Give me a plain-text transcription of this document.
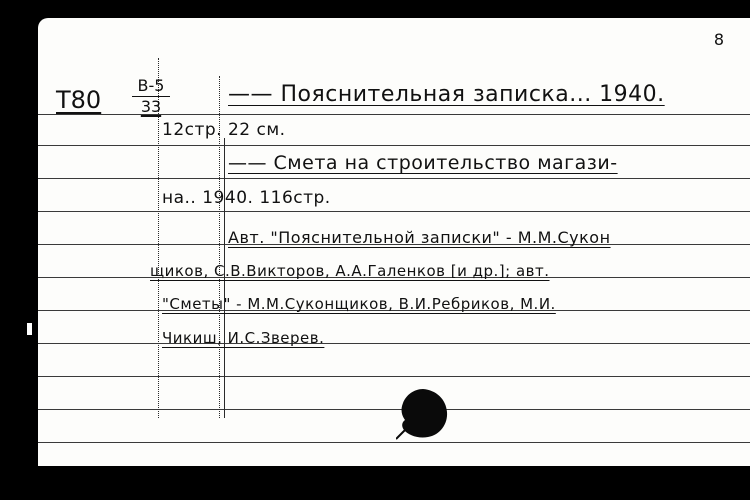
8
T80
В-5
33	—— Пояснительная записка... 1940.
12стр. 22 см.
—— Смета на строительство магази-
на.. 1940. 116стр.
Авт. "Пояснительной записки" - М.М.Сукон
щиков, С.В.Викторов, А.А.Галенков [и др.]; авт.
"Сметы" - М.М.Суконщиков, В.И.Ребриков, М.И.
Чикиш, И.С.Зверев.
